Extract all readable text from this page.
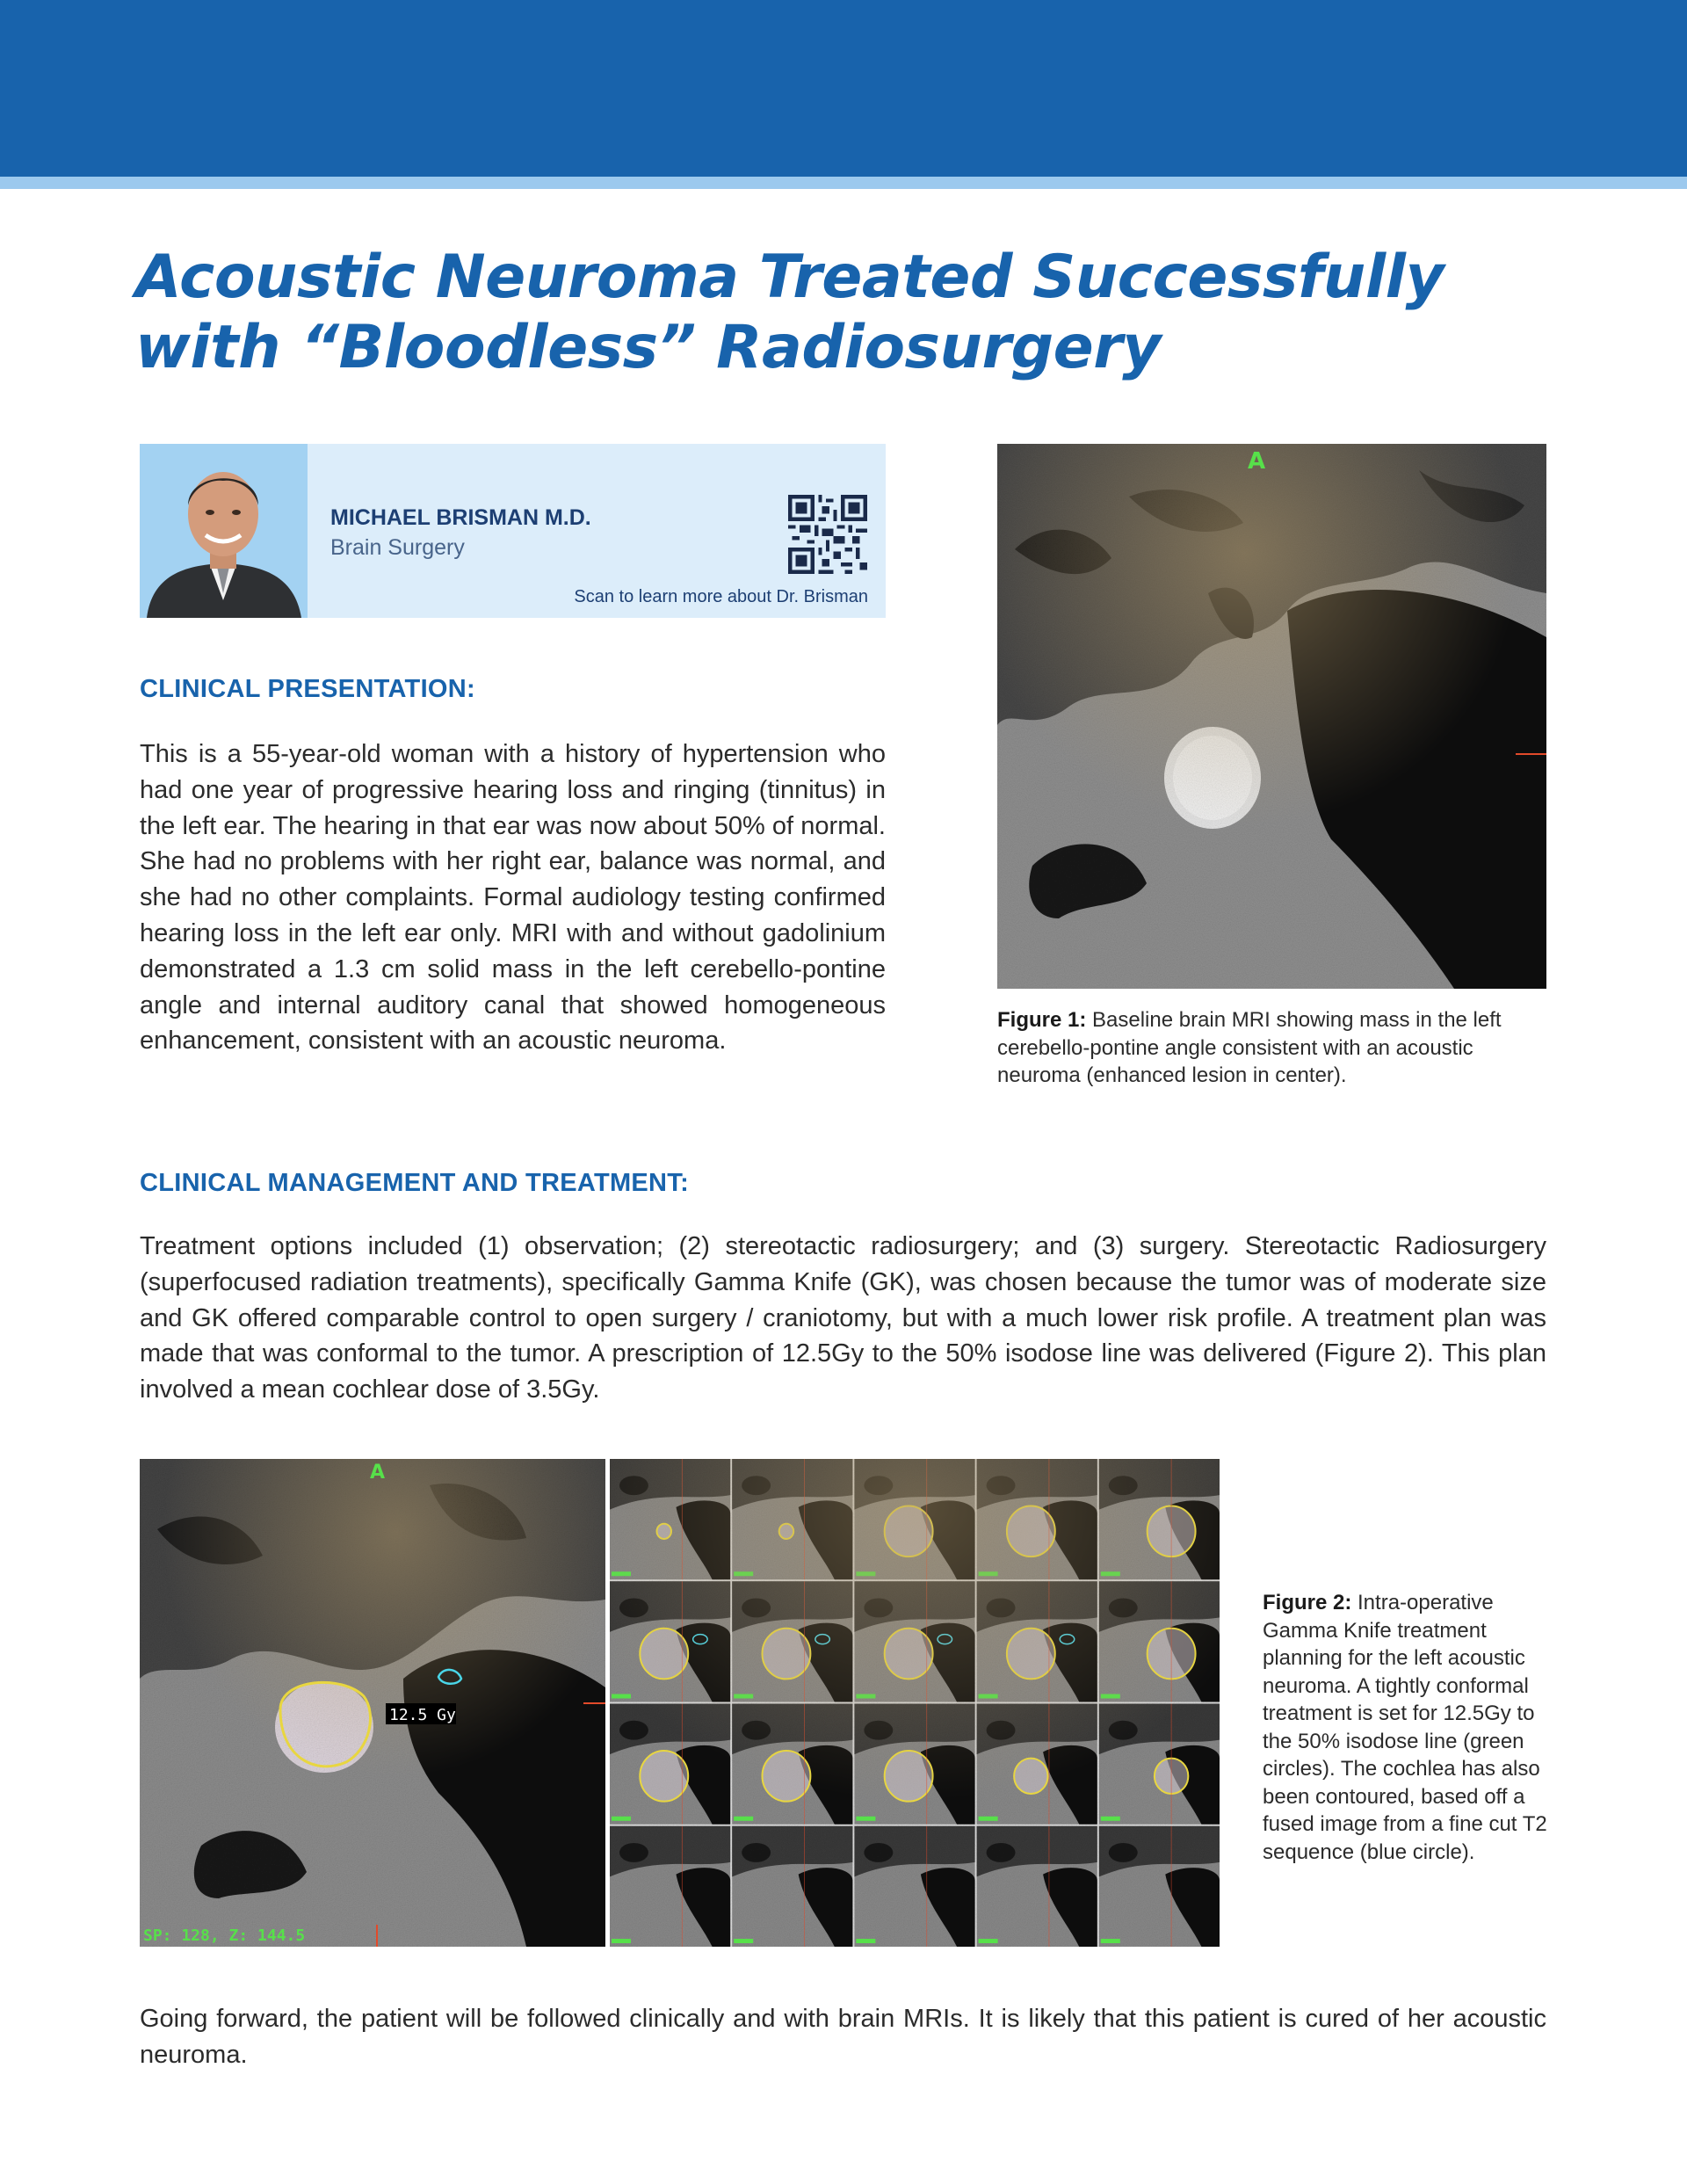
Acoustic Neuroma Treated Successfully
with “Bloodless” Radiosurgery
MICHAEL BRISMAN M.D.
Brain Surgery
Scan to learn more about Dr. Brisman
CLINICAL PRESENTATION:

This is a 55-year-old woman with a history of hypertension who had one year of progressive hearing loss and ringing (tinnitus) in the left ear. The hearing in that ear was now about 50% of normal. She had no problems with her right ear, balance was normal, and she had no other complaints. Formal audiology testing confirmed hearing loss in the left ear only. MRI with and without gadolinium demonstrated a 1.3 cm solid mass in the left cerebello-pontine angle and internal auditory canal that showed homogeneous enhancement, consistent with an acoustic neuroma.

A

Figure 1: Baseline brain MRI showing mass in the left cerebello-pontine angle consistent with an acoustic neuroma (enhanced lesion in center).

CLINICAL MANAGEMENT AND TREATMENT:

Treatment options included (1) observation; (2) stereotactic radiosurgery; and (3) surgery. Stereotactic Radiosurgery (superfocused radiation treatments), specifically Gamma Knife (GK), was chosen because the tumor was of moderate size and GK offered comparable control to open surgery / craniotomy, but with a much lower risk profile. A treatment plan was made that was conformal to the tumor. A prescription of 12.5Gy to the 50% isodose line was delivered (Figure 2). This plan involved a mean cochlear dose of 3.5Gy.

12.5 Gy
A
SP: 128, Z: 144.5

Figure 2: Intra-operative Gamma Knife treatment planning for the left acoustic neuroma. A tightly conformal treatment is set for 12.5Gy to the 50% isodose line (green circles). The cochlea has also been contoured, based off a fused image from a fine cut T2 sequence (blue circle).

Going forward, the patient will be followed clinically and with brain MRIs. It is likely that this patient is cured of her acoustic neuroma.
